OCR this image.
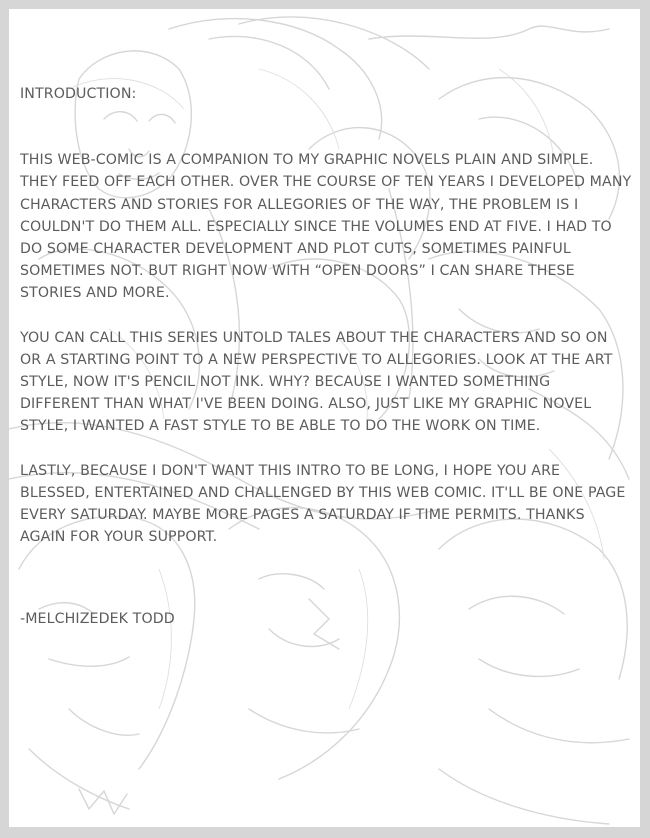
INTRODUCTION:

THIS WEB-COMIC IS A COMPANION TO MY GRAPHIC NOVELS PLAIN AND SIMPLE. THEY FEED OFF EACH OTHER. OVER THE COURSE OF TEN YEARS I DEVELOPED MANY CHARACTERS AND STORIES FOR ALLEGORIES OF THE WAY, THE PROBLEM IS I COULDN'T DO THEM ALL. ESPECIALLY SINCE THE VOLUMES END AT FIVE. I HAD TO DO SOME CHARACTER DEVELOPMENT AND PLOT CUTS, SOMETIMES PAINFUL SOMETIMES NOT. BUT RIGHT NOW WITH “OPEN DOORS” I CAN SHARE THESE STORIES AND MORE.

YOU CAN CALL THIS SERIES UNTOLD TALES ABOUT THE CHARACTERS AND SO ON OR A STARTING POINT TO A NEW PERSPECTIVE TO ALLEGORIES. LOOK AT THE ART STYLE, NOW IT'S PENCIL NOT INK. WHY? BECAUSE I WANTED SOMETHING DIFFERENT THAN WHAT I'VE BEEN DOING. ALSO, JUST LIKE MY GRAPHIC NOVEL STYLE, I WANTED A FAST STYLE TO BE ABLE TO DO THE WORK ON TIME.

LASTLY, BECAUSE I DON'T WANT THIS INTRO TO BE LONG, I HOPE YOU ARE BLESSED, ENTERTAINED AND CHALLENGED BY THIS WEB COMIC. IT'LL BE ONE PAGE EVERY SATURDAY. MAYBE MORE PAGES A SATURDAY IF TIME PERMITS. THANKS AGAIN FOR YOUR SUPPORT.

-MELCHIZEDEK TODD
